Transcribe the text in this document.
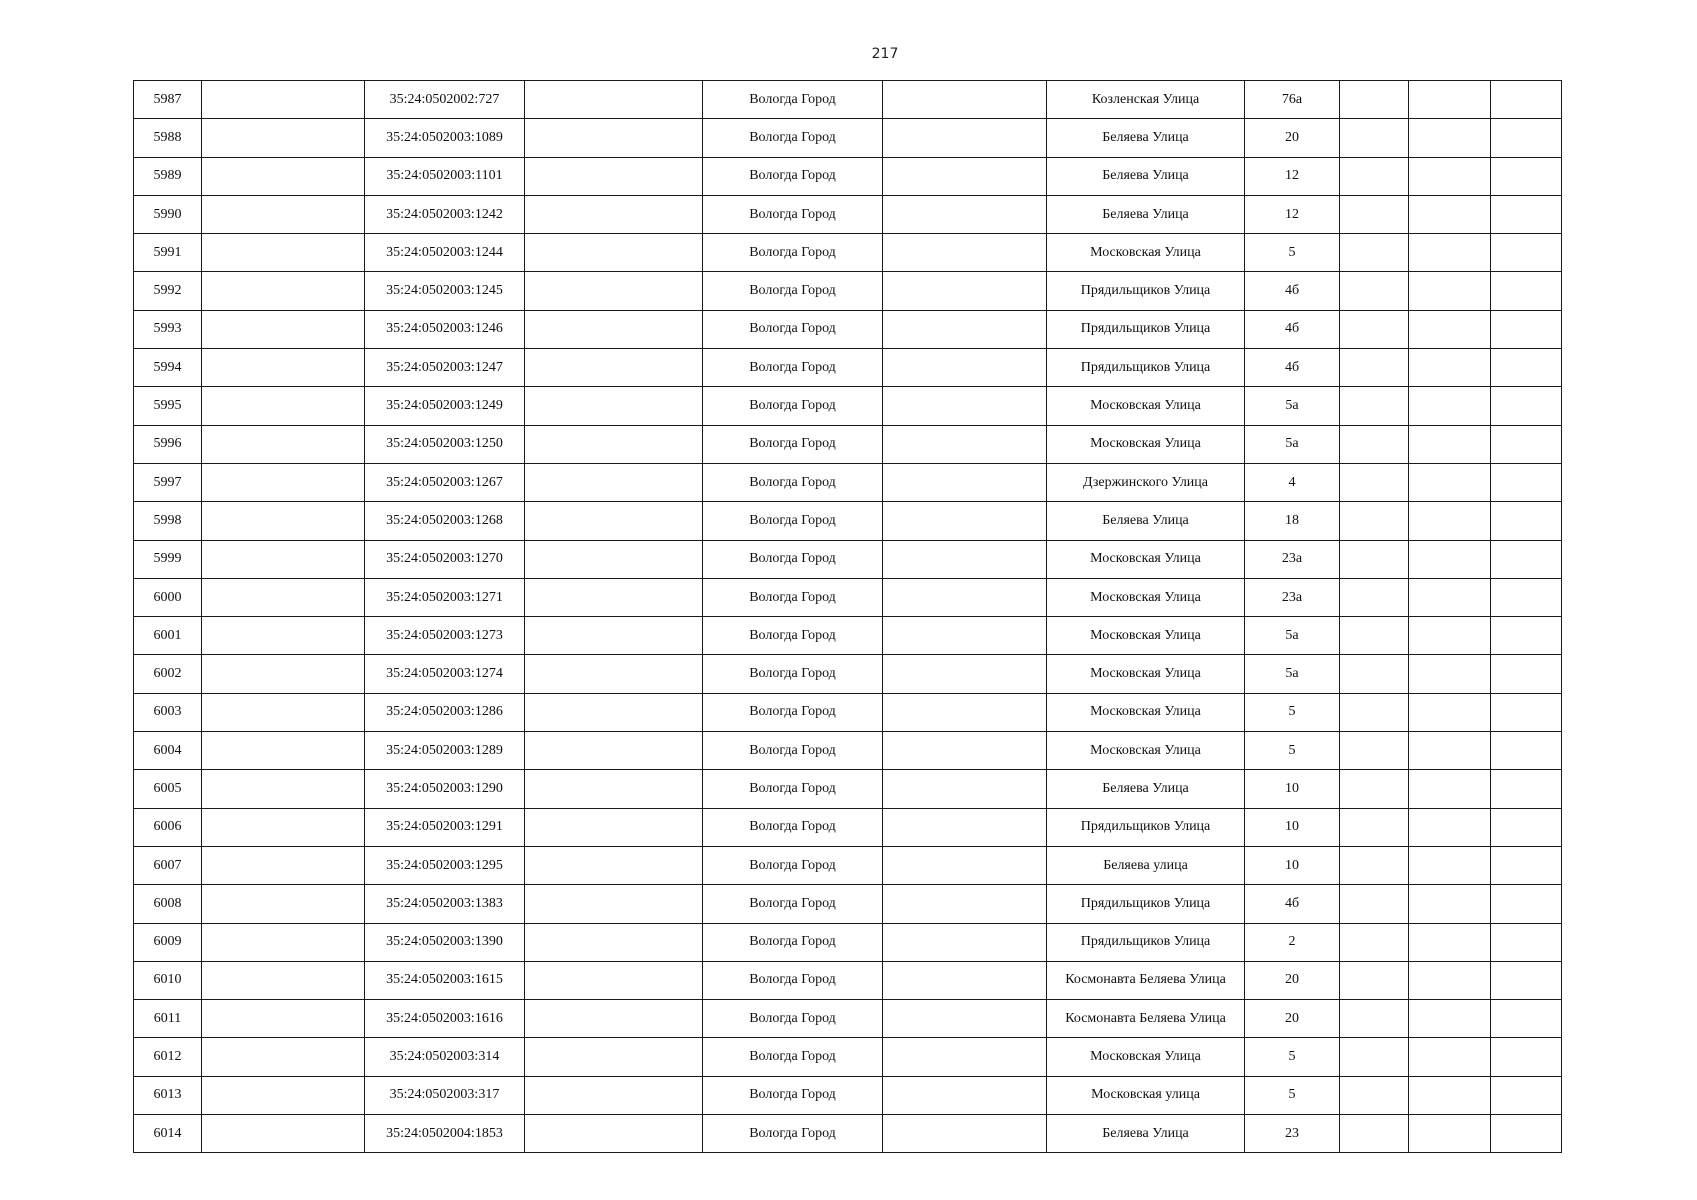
217
5987		35:24:0502002:727		Вологда Город		Козленская Улица	76а			
5988		35:24:0502003:1089		Вологда Город		Беляева Улица	20			
5989		35:24:0502003:1101		Вологда Город		Беляева Улица	12			
5990		35:24:0502003:1242		Вологда Город		Беляева Улица	12			
5991		35:24:0502003:1244		Вологда Город		Московская Улица	5			
5992		35:24:0502003:1245		Вологда Город		Прядильщиков Улица	4б			
5993		35:24:0502003:1246		Вологда Город		Прядильщиков Улица	4б			
5994		35:24:0502003:1247		Вологда Город		Прядильщиков Улица	4б			
5995		35:24:0502003:1249		Вологда Город		Московская Улица	5а			
5996		35:24:0502003:1250		Вологда Город		Московская Улица	5а			
5997		35:24:0502003:1267		Вологда Город		Дзержинского Улица	4			
5998		35:24:0502003:1268		Вологда Город		Беляева Улица	18			
5999		35:24:0502003:1270		Вологда Город		Московская Улица	23а			
6000		35:24:0502003:1271		Вологда Город		Московская Улица	23а			
6001		35:24:0502003:1273		Вологда Город		Московская Улица	5а			
6002		35:24:0502003:1274		Вологда Город		Московская Улица	5а			
6003		35:24:0502003:1286		Вологда Город		Московская Улица	5			
6004		35:24:0502003:1289		Вологда Город		Московская Улица	5			
6005		35:24:0502003:1290		Вологда Город		Беляева Улица	10			
6006		35:24:0502003:1291		Вологда Город		Прядильщиков Улица	10			
6007		35:24:0502003:1295		Вологда Город		Беляева улица	10			
6008		35:24:0502003:1383		Вологда Город		Прядильщиков Улица	4б			
6009		35:24:0502003:1390		Вологда Город		Прядильщиков Улица	2			
6010		35:24:0502003:1615		Вологда Город		Космонавта Беляева Улица	20			
6011		35:24:0502003:1616		Вологда Город		Космонавта Беляева Улица	20			
6012		35:24:0502003:314		Вологда Город		Московская Улица	5			
6013		35:24:0502003:317		Вологда Город		Московская улица	5			
6014		35:24:0502004:1853		Вологда Город		Беляева Улица	23			
